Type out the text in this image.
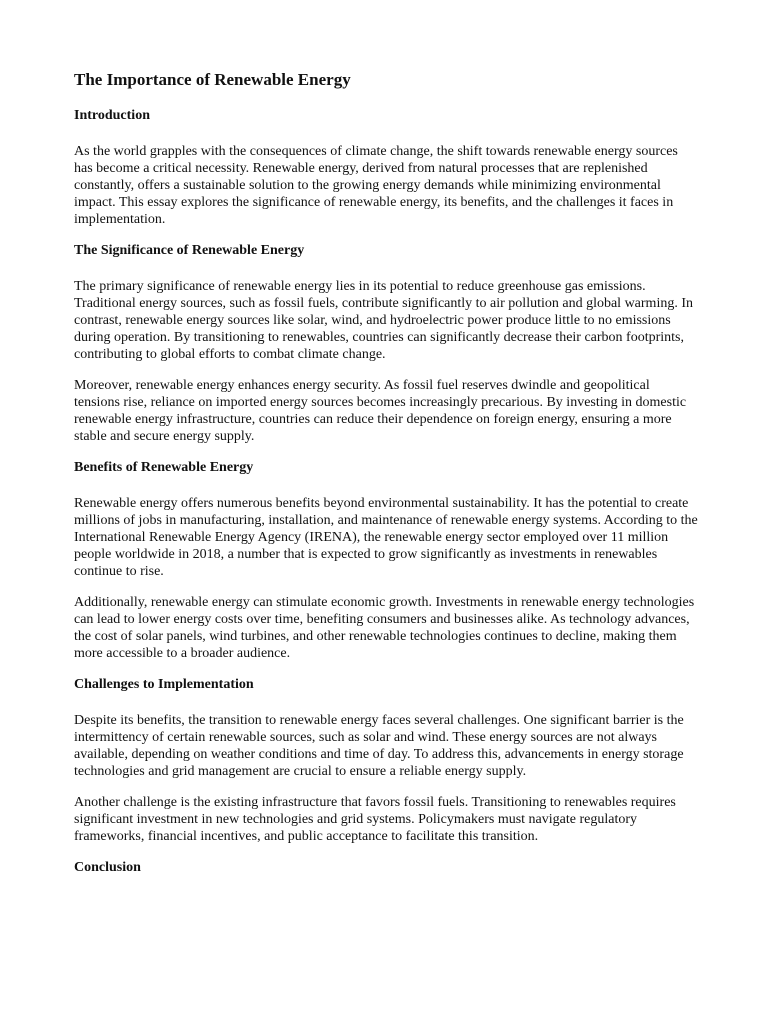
The Importance of Renewable Energy
Introduction

As the world grapples with the consequences of climate change, the shift towards renewable energy sources has become a critical necessity. Renewable energy, derived from natural processes that are replenished constantly, offers a sustainable solution to the growing energy demands while minimizing environmental impact. This essay explores the significance of renewable energy, its benefits, and the challenges it faces in implementation.

The Significance of Renewable Energy

The primary significance of renewable energy lies in its potential to reduce greenhouse gas emissions. Traditional energy sources, such as fossil fuels, contribute significantly to air pollution and global warming. In contrast, renewable energy sources like solar, wind, and hydroelectric power produce little to no emissions during operation. By transitioning to renewables, countries can significantly decrease their carbon footprints, contributing to global efforts to combat climate change.

Moreover, renewable energy enhances energy security. As fossil fuel reserves dwindle and geopolitical tensions rise, reliance on imported energy sources becomes increasingly precarious. By investing in domestic renewable energy infrastructure, countries can reduce their dependence on foreign energy, ensuring a more stable and secure energy supply.

Benefits of Renewable Energy

Renewable energy offers numerous benefits beyond environmental sustainability. It has the potential to create millions of jobs in manufacturing, installation, and maintenance of renewable energy systems. According to the International Renewable Energy Agency (IRENA), the renewable energy sector employed over 11 million people worldwide in 2018, a number that is expected to grow significantly as investments in renewables continue to rise.

Additionally, renewable energy can stimulate economic growth. Investments in renewable energy technologies can lead to lower energy costs over time, benefiting consumers and businesses alike. As technology advances, the cost of solar panels, wind turbines, and other renewable technologies continues to decline, making them more accessible to a broader audience.

Challenges to Implementation

Despite its benefits, the transition to renewable energy faces several challenges. One significant barrier is the intermittency of certain renewable sources, such as solar and wind. These energy sources are not always available, depending on weather conditions and time of day. To address this, advancements in energy storage technologies and grid management are crucial to ensure a reliable energy supply.

Another challenge is the existing infrastructure that favors fossil fuels. Transitioning to renewables requires significant investment in new technologies and grid systems. Policymakers must navigate regulatory frameworks, financial incentives, and public acceptance to facilitate this transition.

Conclusion
